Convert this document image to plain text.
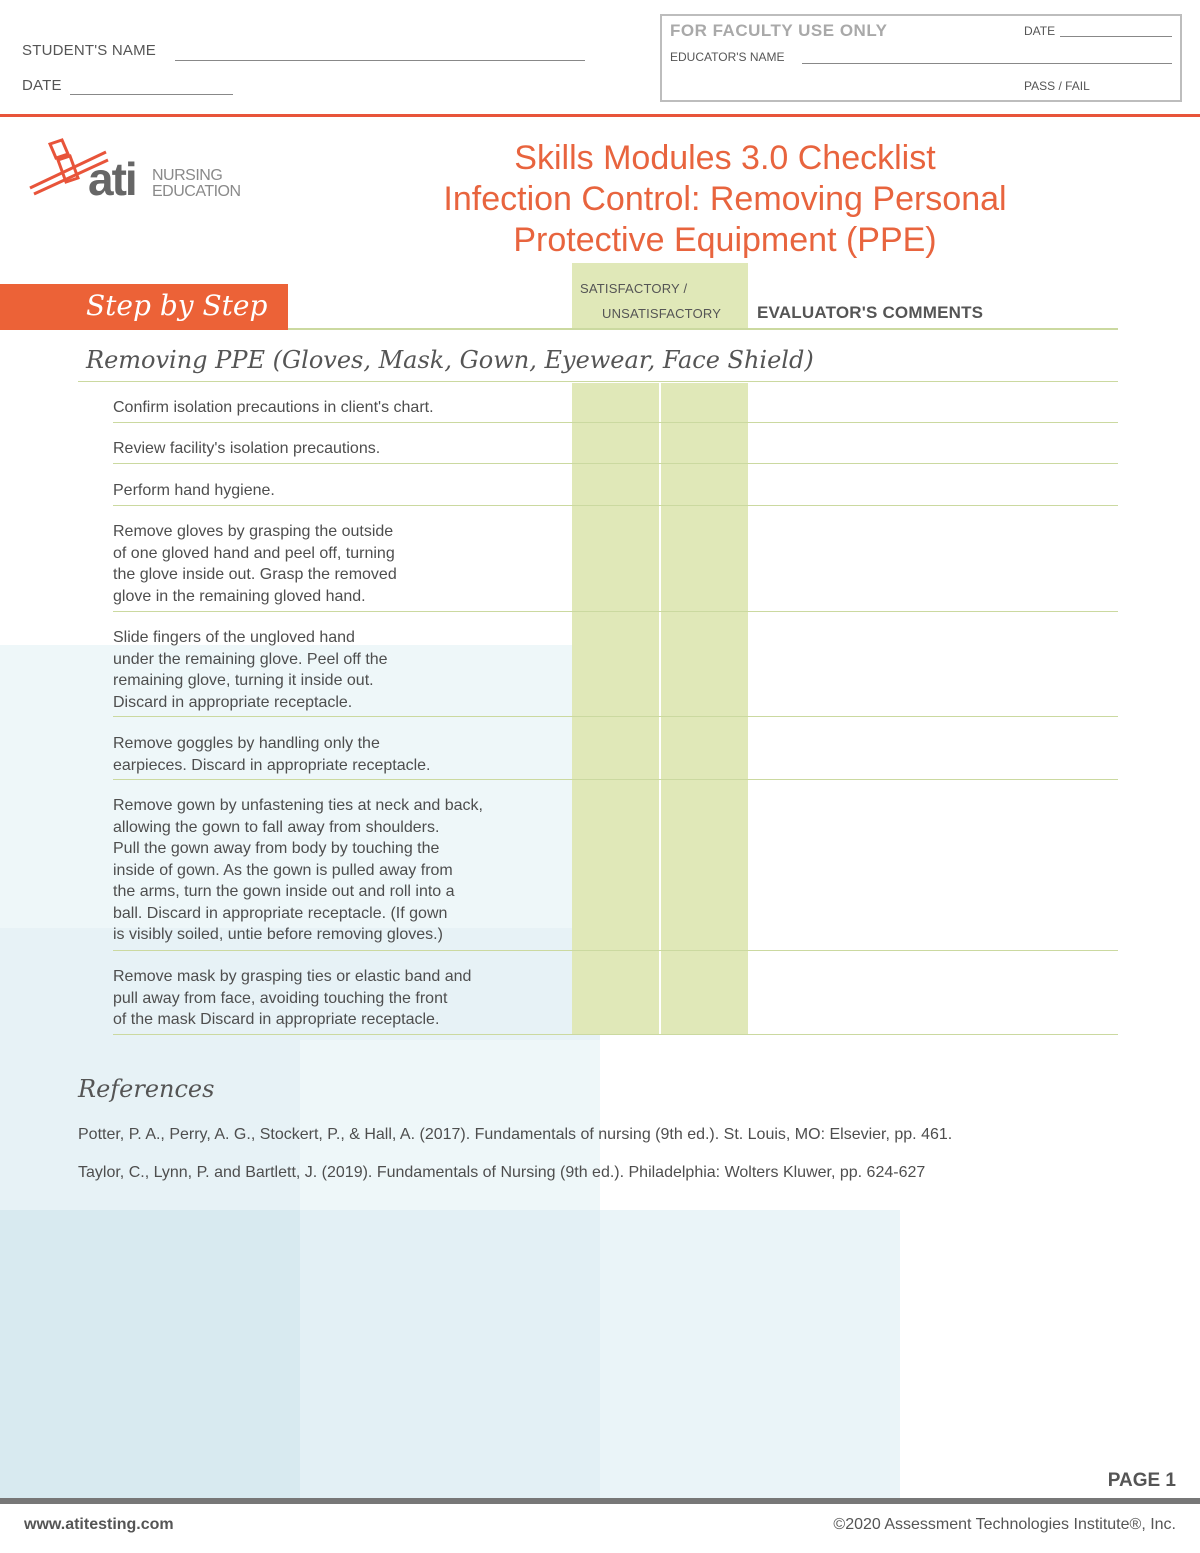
STUDENT'S NAME
DATE
FOR FACULTY USE ONLY	DATE
EDUCATOR'S NAME
PASS / FAIL
ati NURSING
EDUCATION
Skills Modules 3.0 Checklist
Infection Control: Removing Personal
Protective Equipment (PPE)
Step by Step
SATISFACTORY /
UNSATISFACTORY EVALUATOR'S COMMENTS
Removing PPE (Gloves, Mask, Gown, Eyewear, Face Shield)
Confirm isolation precautions in client's chart.
Review facility's isolation precautions.
Perform hand hygiene.
Remove gloves by grasping the outside
of one gloved hand and peel off, turning
the glove inside out. Grasp the removed
glove in the remaining gloved hand.
Slide fingers of the ungloved hand
under the remaining glove. Peel off the
remaining glove, turning it inside out.
Discard in appropriate receptacle.
Remove goggles by handling only the
earpieces. Discard in appropriate receptacle.
Remove gown by unfastening ties at neck and back,
allowing the gown to fall away from shoulders.
Pull the gown away from body by touching the
inside of gown. As the gown is pulled away from
the arms, turn the gown inside out and roll into a
ball. Discard in appropriate receptacle. (If gown
is visibly soiled, untie before removing gloves.)
Remove mask by grasping ties or elastic band and
pull away from face, avoiding touching the front
of the mask Discard in appropriate receptacle.
References
Potter, P. A., Perry, A. G., Stockert, P., & Hall, A. (2017). Fundamentals of nursing (9th ed.). St. Louis, MO: Elsevier, pp. 461.
Taylor, C., Lynn, P. and Bartlett, J. (2019). Fundamentals of Nursing (9th ed.). Philadelphia: Wolters Kluwer, pp. 624-627
PAGE 1
www.atitesting.com	©2020 Assessment Technologies Institute®, Inc.
